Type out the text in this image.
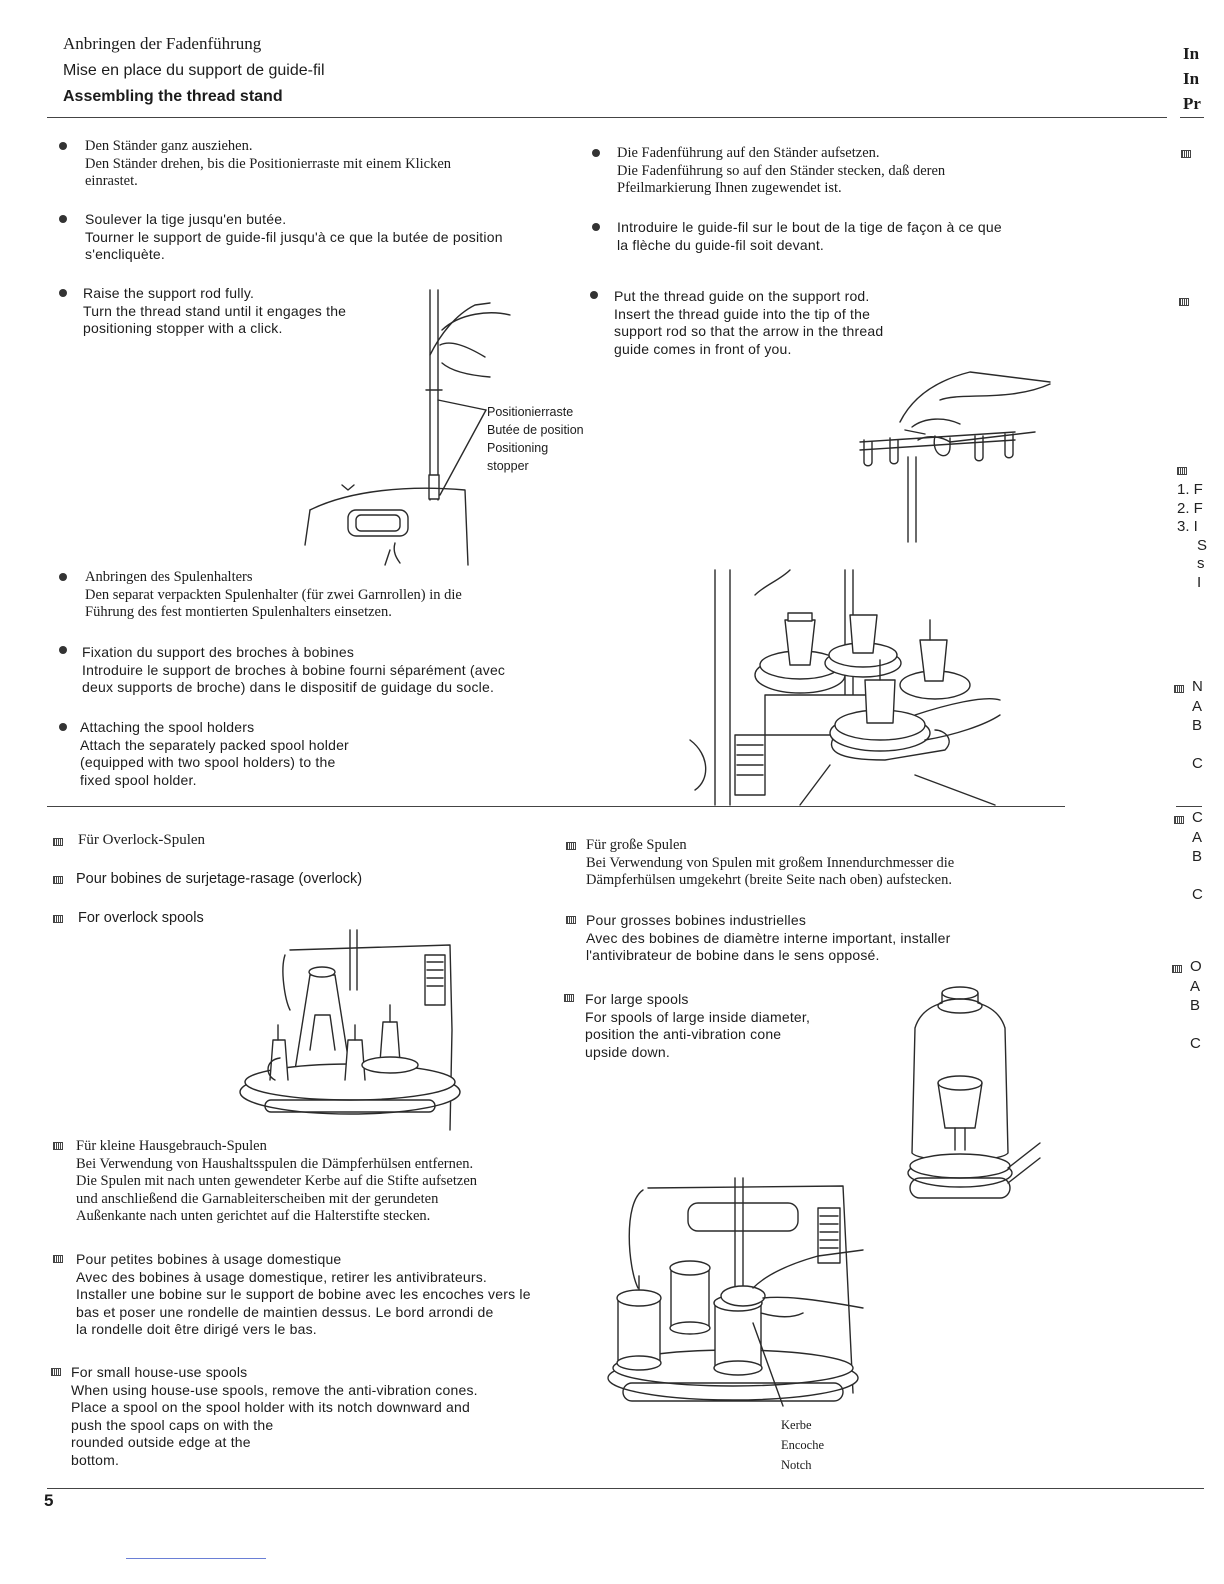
Anbringen der Fadenführung
Mise en place du support de guide-fil
Assembling the thread stand
In
In
Pr
Den Ständer ganz ausziehen.
Den Ständer drehen, bis die Positionierraste mit einem Klicken
einrastet.
Soulever la tige jusqu'en butée.
Tourner le support de guide-fil jusqu'à ce que la butée de position
s'encliquète.
Raise the support rod fully.
Turn the thread stand until it engages the
positioning stopper with a click.
Die Fadenführung auf den Ständer aufsetzen.
Die Fadenführung so auf den Ständer stecken, daß deren
Pfeilmarkierung Ihnen zugewendet ist.
Introduire le guide-fil sur le bout de la tige de façon à ce que
la flèche du guide-fil soit devant.
Put the thread guide on the support rod.
Insert the thread guide into the tip of the
support rod so that the arrow in the thread
guide comes in front of you.
Positionierraste
Butée de position
Positioning
stopper
Anbringen des Spulenhalters
Den separat verpackten Spulenhalter (für zwei Garnrollen) in die
Führung des fest montierten Spulenhalters einsetzen.
Fixation du support des broches à bobines
Introduire le support de broches à bobine fourni séparément (avec
deux supports de broche) dans le dispositif de guidage du socle.
Attaching the spool holders
Attach the separately packed spool holder
(equipped with two spool holders) to the
fixed spool holder.
Für Overlock-Spulen
Pour bobines de surjetage-rasage (overlock)
For overlock spools
Für große Spulen
Bei Verwendung von Spulen mit großem Innendurchmesser die
Dämpferhülsen umgekehrt (breite Seite nach oben) aufstecken.
Pour grosses bobines industrielles
Avec des bobines de diamètre interne important, installer
l'antivibrateur de bobine dans le sens opposé.
For large spools
For spools of large inside diameter,
position the anti-vibration cone
upside down.
Für kleine Hausgebrauch-Spulen
Bei Verwendung von Haushaltsspulen die Dämpferhülsen entfernen.
Die Spulen mit nach unten gewendeter Kerbe auf die Stifte aufsetzen
und anschließend die Garnableiterscheiben mit der gerundeten
Außenkante nach unten gerichtet auf die Halterstifte stecken.
Pour petites bobines à usage domestique
Avec des bobines à usage domestique, retirer les antivibrateurs.
Installer une bobine sur le support de bobine avec les encoches vers le
bas et poser une rondelle de maintien dessus. Le bord arrondi de
la rondelle doit être dirigé vers le bas.
For small house-use spools
When using house-use spools, remove the anti-vibration cones.
Place a spool on the spool holder with its notch downward and
push the spool caps on with the
rounded outside edge at the
bottom.
Kerbe
Encoche
Notch
1. F
2. F
3. I
S
s
I
N
A
B
C
C
A
B
C
O
A
B
C
5
